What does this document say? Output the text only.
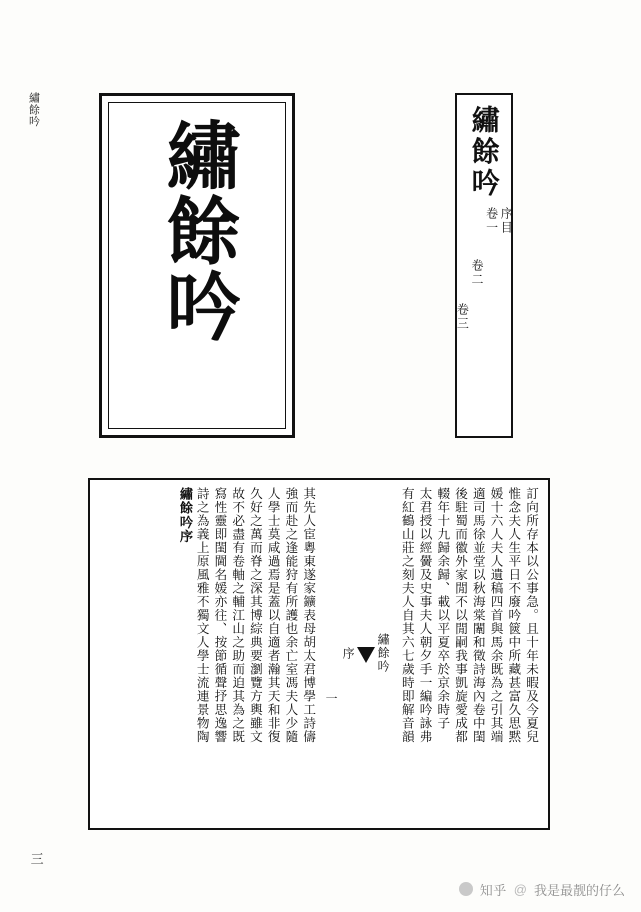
繡餘吟
三
繡餘吟	繡餘吟
序目
卷一
卷二
卷三
繡餘吟序 詩之為義上原風雅不獨文人學士流連景物陶 寫性靈即閨閫名媛亦往、按節循聲抒思逸響 故不必盡有卷軸之輔江山之助而迫其為之既 久好之萬而脊之深其博綜典要瀏覽方輿雖文 人學士莫咸過焉是蓋以自適者瀚其天和非復 強而赴之逢能狩有所護也余亡室馮夫人少隨 其先人宦粵東遂家鑛表母胡太君博學工詩儔	繡餘吟
序
一	有紅鶴山莊之刻夫人自其六七歲時即解音韻 太君授以經黌及史事夫人朝夕手一編吟詠弗 輟年十九歸余歸、載以平夏卒於京余時子 後駐蜀而徽外家閒不以閒嗣我事凱旋愛成都 適司馬徐並堂以秋海棠闈和徵詩海內卷中閨 媛十六人夫人遺稿四首與馬余既為之引其端 惟念夫人生平日不廢吟篋中所藏甚富久思黙 訂向所存本以公事急。且十年未暇及今夏兒
知乎 @ 我是最靓的仔么
